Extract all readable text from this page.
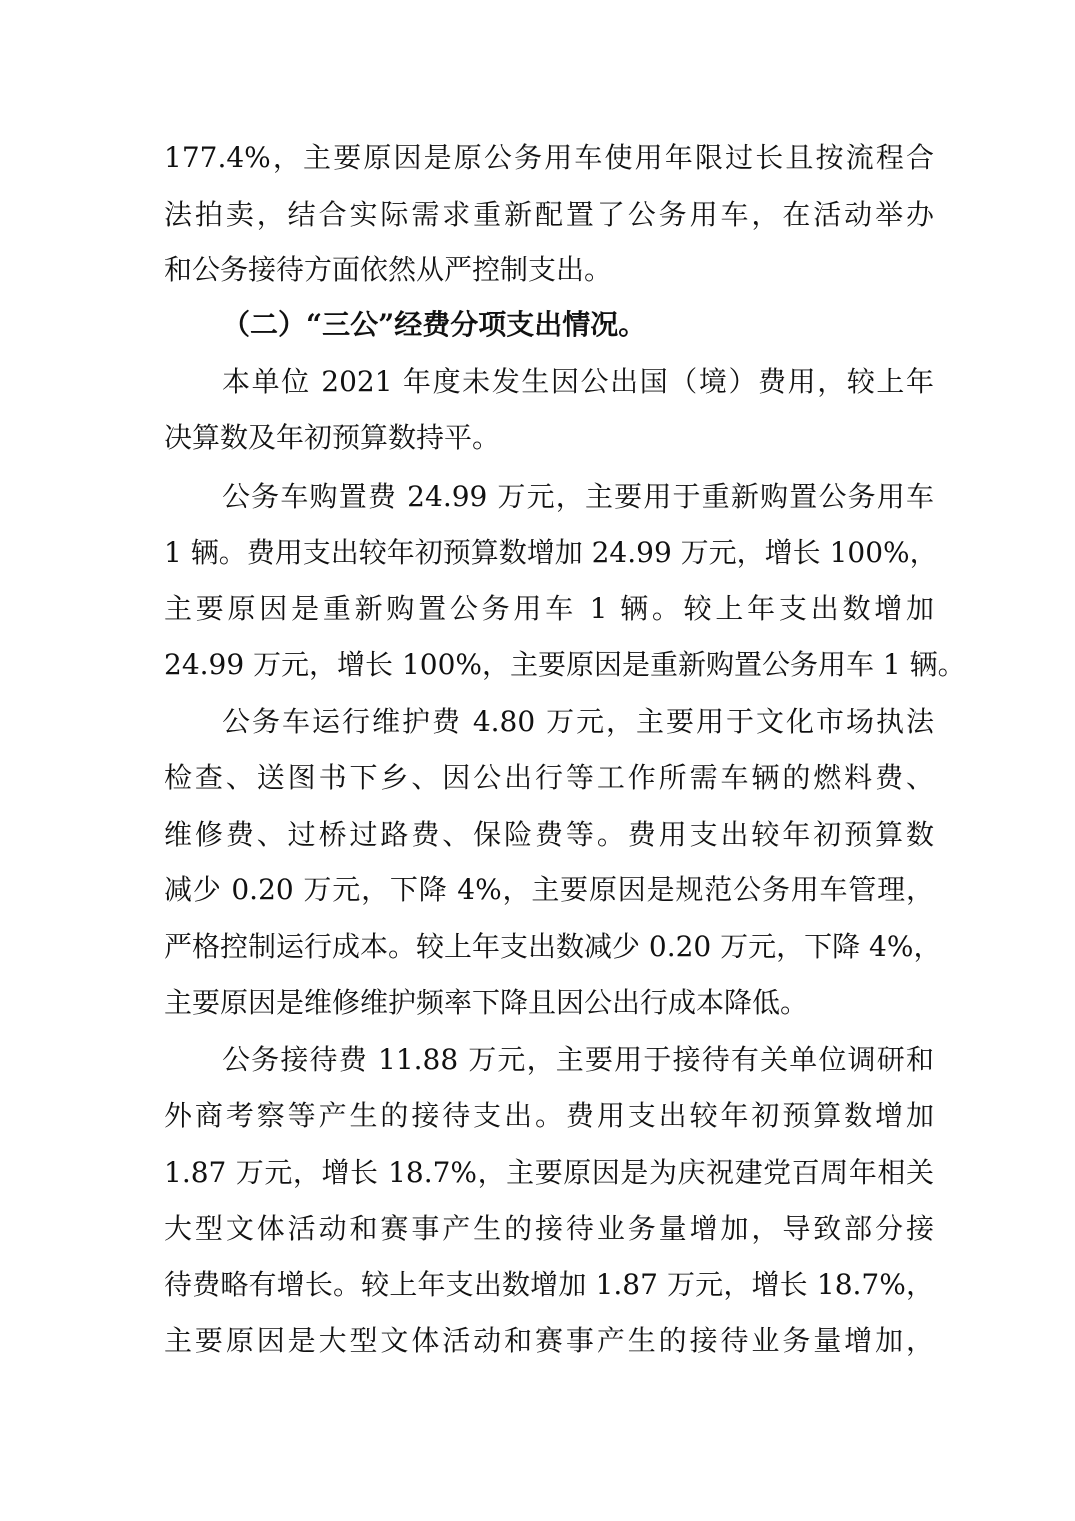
177.4%，主要原因是原公务用车使用年限过长且按流程合
法拍卖，结合实际需求重新配置了公务用车，在活动举办
和公务接待方面依然从严控制支出。
（二）“三公”经费分项支出情况。
本单位 2021 年度未发生因公出国（境）费用，较上年
决算数及年初预算数持平。
公务车购置费 24.99 万元，主要用于重新购置公务用车
1 辆。费用支出较年初预算数增加 24.99 万元，增长 100%，
主要原因是重新购置公务用车 1 辆。较上年支出数增加
24.99 万元，增长 100%，主要原因是重新购置公务用车 1 辆。
公务车运行维护费 4.80 万元，主要用于文化市场执法
检查、送图书下乡、因公出行等工作所需车辆的燃料费、
维修费、过桥过路费、保险费等。费用支出较年初预算数
减少 0.20 万元，下降 4%，主要原因是规范公务用车管理，
严格控制运行成本。较上年支出数减少 0.20 万元，下降 4%，
主要原因是维修维护频率下降且因公出行成本降低。
公务接待费 11.88 万元，主要用于接待有关单位调研和
外商考察等产生的接待支出。费用支出较年初预算数增加
1.87 万元，增长 18.7%，主要原因是为庆祝建党百周年相关
大型文体活动和赛事产生的接待业务量增加，导致部分接
待费略有增长。较上年支出数增加 1.87 万元，增长 18.7%，
主要原因是大型文体活动和赛事产生的接待业务量增加，
